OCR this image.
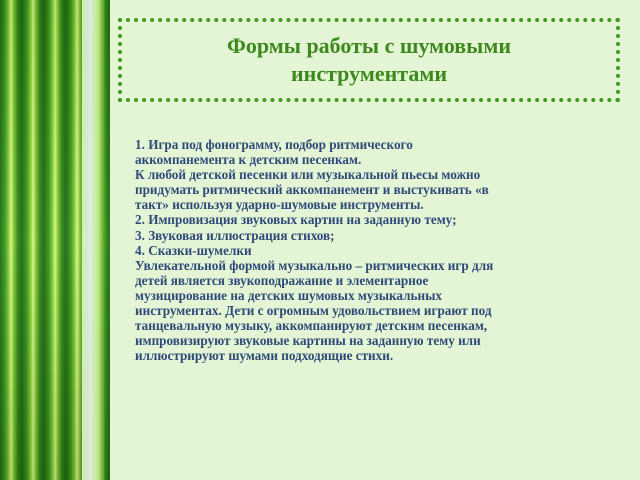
Формы работы с шумовыми
инструментами
1. Игра под фонограмму, подбор ритмического
аккомпанемента к детским песенкам.
К любой детской песенки или музыкальной пьесы можно
придумать ритмический аккомпанемент и выстукивать «в
такт» используя ударно-шумовые инструменты.
2. Импровизация звуковых картин на заданную тему;
3. Звуковая иллюстрация стихов;
4. Сказки-шумелки
Увлекательной формой музыкально – ритмических игр для
детей является звукоподражание и элементарное
музицирование на детских шумовых музыкальных
инструментах. Дети с огромным удовольствием играют под
танцевальную музыку, аккомпанируют детским песенкам,
импровизируют звуковые картины на заданную тему или
иллюстрируют шумами подходящие стихи.
